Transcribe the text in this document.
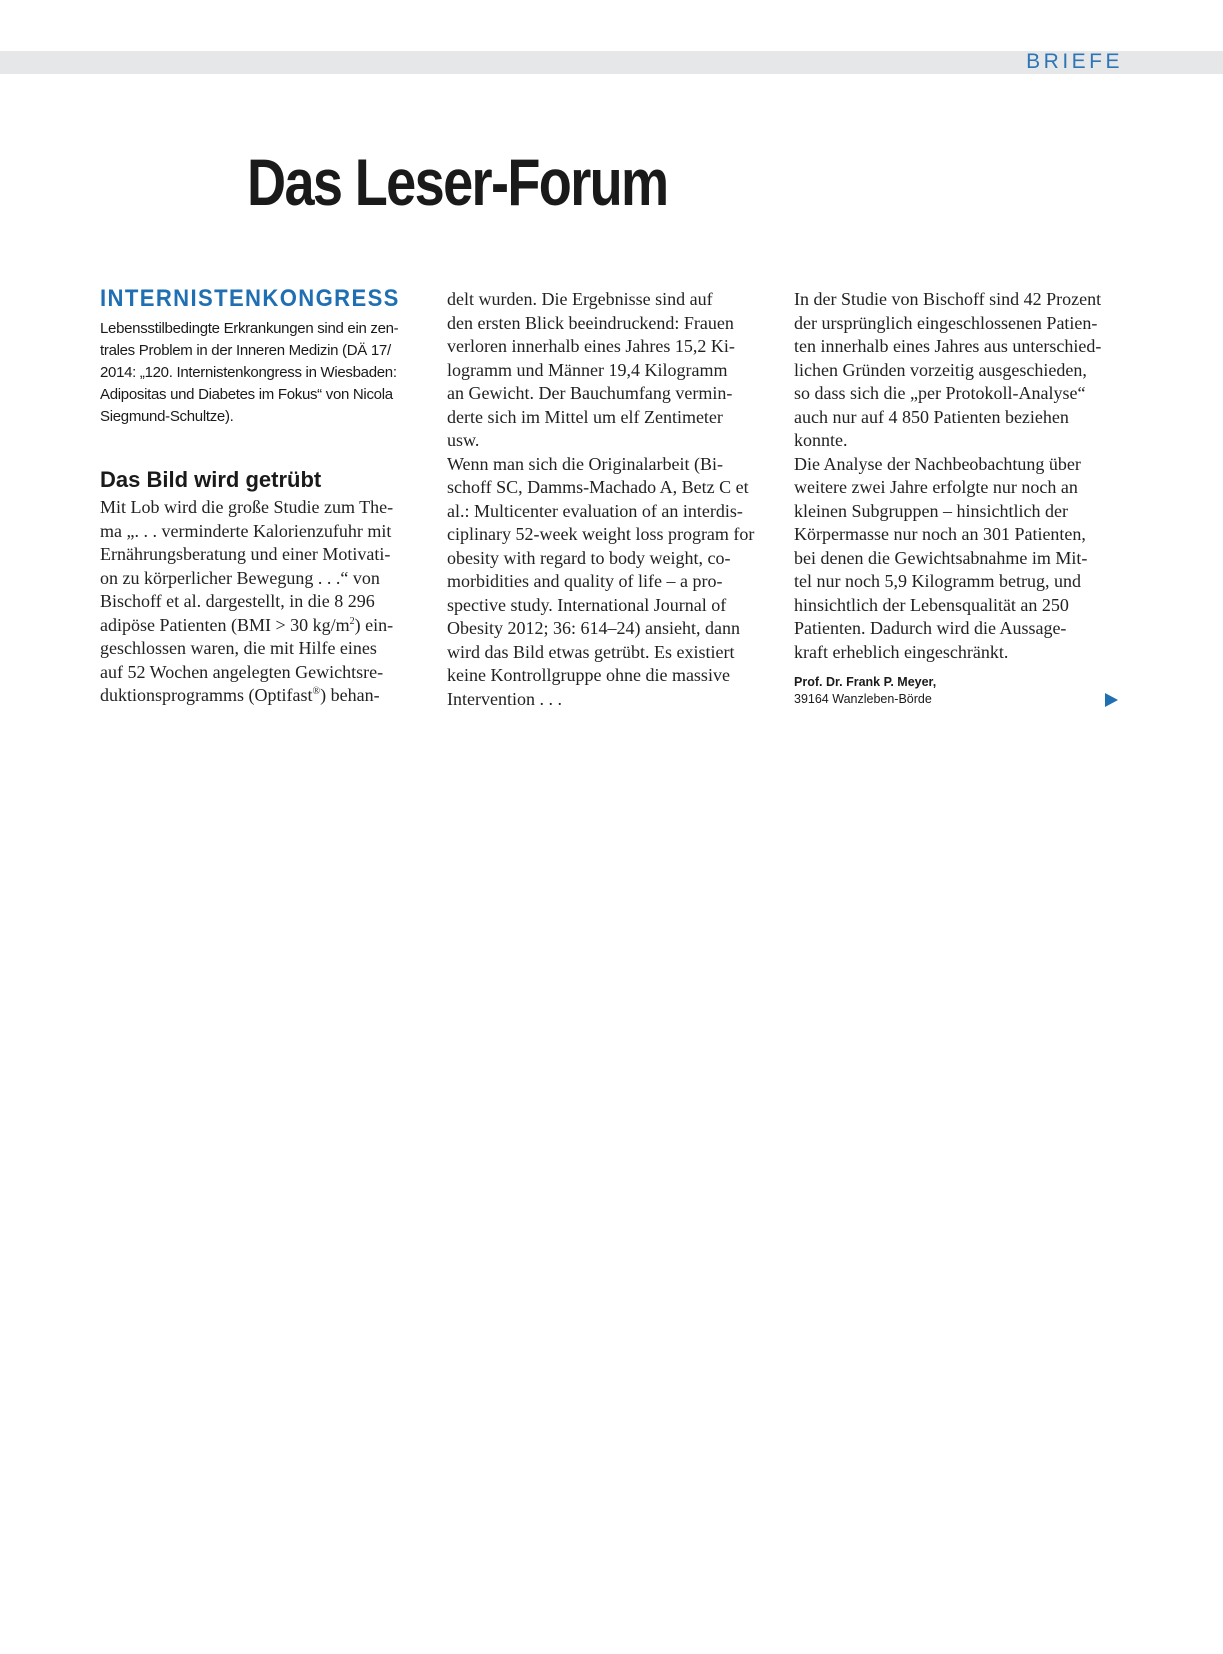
BRIEFE
Das Leser-Forum
INTERNISTENKONGRESS

Lebensstilbedingte Erkrankungen sind ein zen-
trales Problem in der Inneren Medizin (DÄ 17/
2014: „120. Internistenkongress in Wiesbaden:
Adipositas und Diabetes im Fokus“ von Nicola
Siegmund-Schultze).

Das Bild wird getrübt

Mit Lob wird die große Studie zum The-
ma „. . . verminderte Kalorienzufuhr mit
Ernährungsberatung und einer Motivati-
on zu körperlicher Bewegung . . .“ von
Bischoff et al. dargestellt, in die 8 296
adipöse Patienten (BMI > 30 $kg/m^2$) ein-
geschlossen waren, die mit Hilfe eines
auf 52 Wochen angelegten Gewichtsre-
duktionsprogramms (Optifast®) behan-

delt wurden. Die Ergebnisse sind auf
den ersten Blick beeindruckend: Frauen
verloren innerhalb eines Jahres 15,2 Ki-
logramm und Männer 19,4 Kilogramm
an Gewicht. Der Bauchumfang vermin-
derte sich im Mittel um elf Zentimeter
usw.
Wenn man sich die Originalarbeit (Bi-
schoff SC, Damms-Machado A, Betz C et
al.: Multicenter evaluation of an interdis-
ciplinary 52-week weight loss program for
obesity with regard to body weight, co-
morbidities and quality of life – a pro-
spective study. International Journal of
Obesity 2012; 36: 614–24) ansieht, dann
wird das Bild etwas getrübt. Es existiert
keine Kontrollgruppe ohne die massive
Intervention . . .

In der Studie von Bischoff sind 42 Prozent
der ursprünglich eingeschlossenen Patien-
ten innerhalb eines Jahres aus unterschied-
lichen Gründen vorzeitig ausgeschieden,
so dass sich die „per Protokoll-Analyse“
auch nur auf 4 850 Patienten beziehen
konnte.
Die Analyse der Nachbeobachtung über
weitere zwei Jahre erfolgte nur noch an
kleinen Subgruppen – hinsichtlich der
Körpermasse nur noch an 301 Patienten,
bei denen die Gewichtsabnahme im Mit-
tel nur noch 5,9 Kilogramm betrug, und
hinsichtlich der Lebensqualität an 250
Patienten. Dadurch wird die Aussage-
kraft erheblich eingeschränkt.

Prof. Dr. Frank P. Meyer,
39164 Wanzleben-Börde
